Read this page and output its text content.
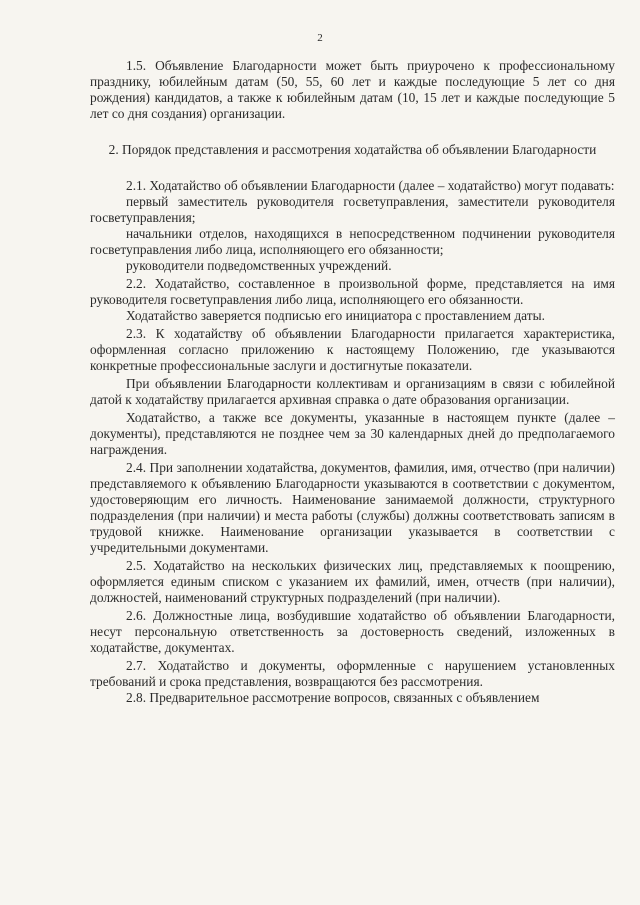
2

1.5. Объявление Благодарности может быть приурочено к профессиональному празднику, юбилейным датам (50, 55, 60 лет и каждые последующие 5 лет со дня рождения) кандидатов, а также к юбилейным датам (10, 15 лет и каждые последующие 5 лет со дня создания) организации.

2. Порядок представления и рассмотрения ходатайства об объявлении Благодарности

2.1. Ходатайство об объявлении Благодарности (далее – ходатайство) могут подавать:

первый заместитель руководителя госветуправления, заместители руководителя госветуправления;

начальники отделов, находящихся в непосредственном подчинении руководителя госветуправления либо лица, исполняющего его обязанности;

руководители подведомственных учреждений.

2.2. Ходатайство, составленное в произвольной форме, представляется на имя руководителя госветуправления либо лица, исполняющего его обязанности.

Ходатайство заверяется подписью его инициатора с проставлением даты.

2.3. К ходатайству об объявлении Благодарности прилагается характеристика, оформленная согласно приложению к настоящему Положению, где указываются конкретные профессиональные заслуги и достигнутые показатели.

При объявлении Благодарности коллективам и организациям в связи с юбилейной датой к ходатайству прилагается архивная справка о дате образования организации.

Ходатайство, а также все документы, указанные в настоящем пункте (далее – документы), представляются не позднее чем за 30 календарных дней до предполагаемого награждения.

2.4. При заполнении ходатайства, документов, фамилия, имя, отчество (при наличии) представляемого к объявлению Благодарности указываются в соответствии с документом, удостоверяющим его личность. Наименование занимаемой должности, структурного подразделения (при наличии) и места работы (службы) должны соответствовать записям в трудовой книжке. Наименование организации указывается в соответствии с учредительными документами.

2.5. Ходатайство на нескольких физических лиц, представляемых к поощрению, оформляется единым списком с указанием их фамилий, имен, отчеств (при наличии), должностей, наименований структурных подразделений (при наличии).

2.6. Должностные лица, возбудившие ходатайство об объявлении Благодарности, несут персональную ответственность за достоверность сведений, изложенных в ходатайстве, документах.

2.7. Ходатайство и документы, оформленные с нарушением установленных требований и срока представления, возвращаются без рассмотрения.

2.8. Предварительное рассмотрение вопросов, связанных с объявлением
